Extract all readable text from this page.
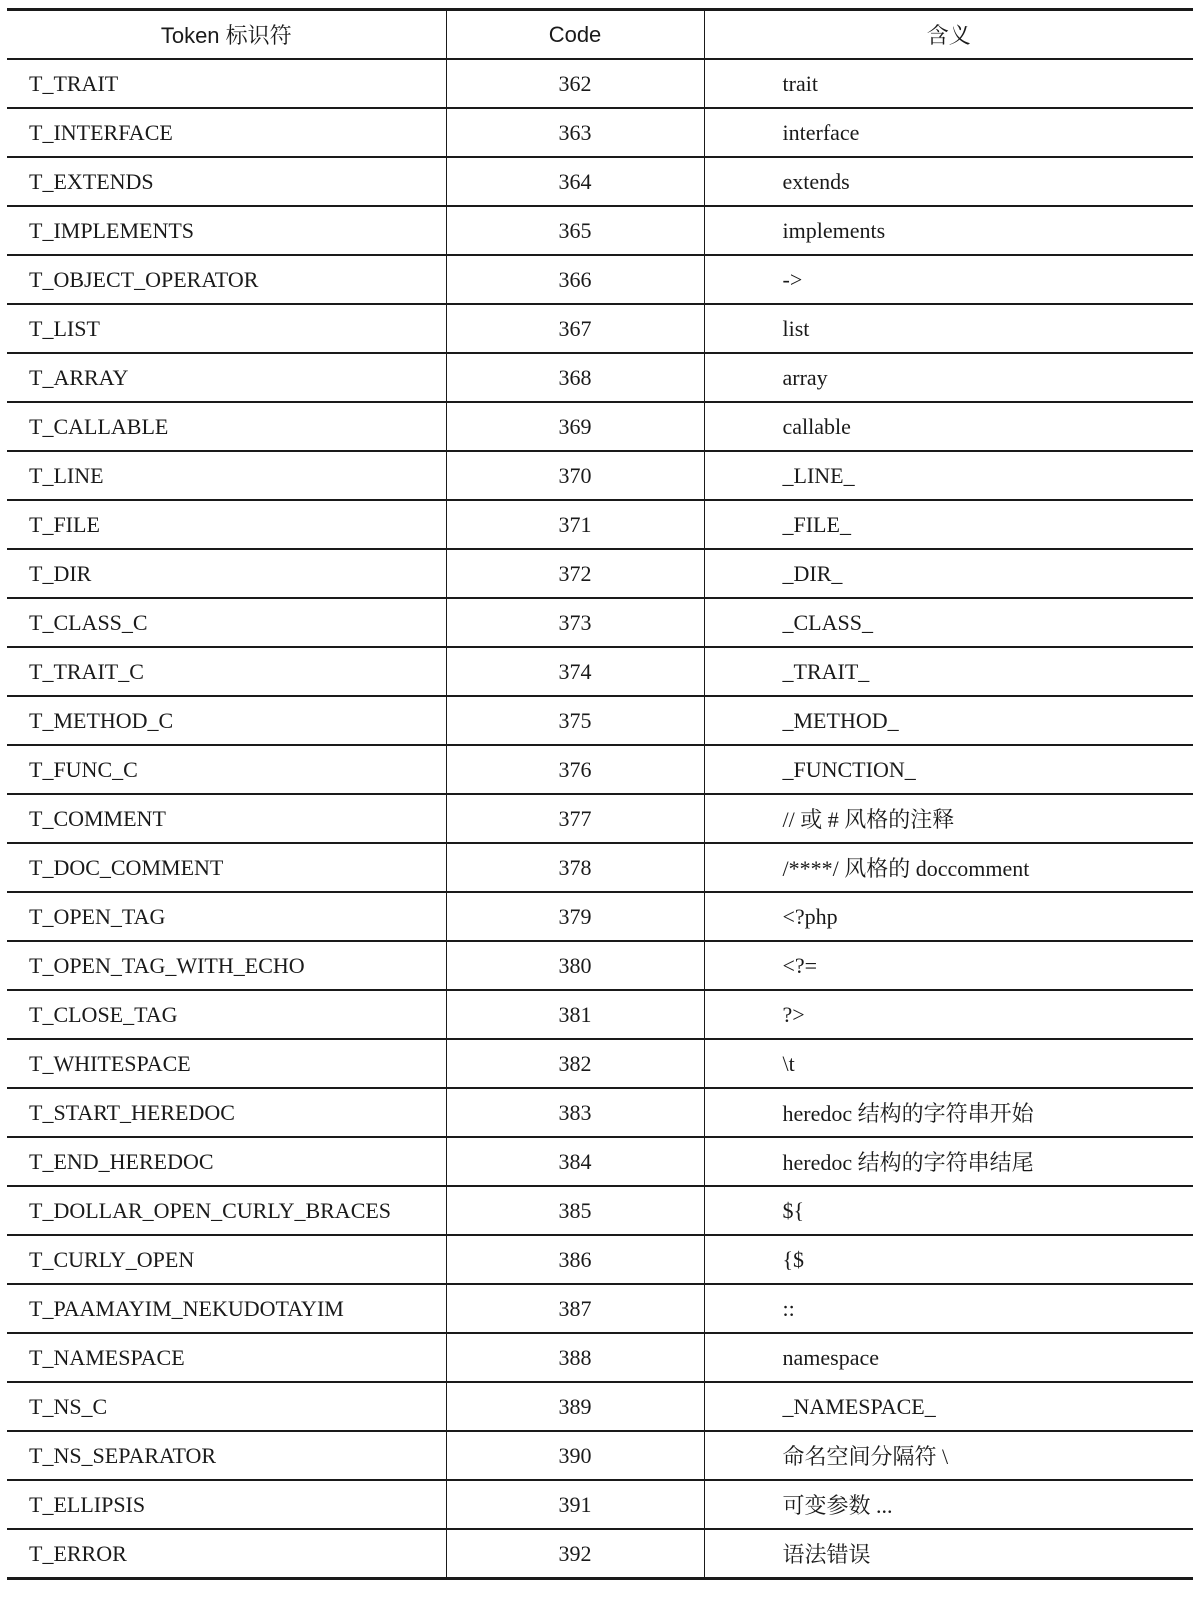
Token 标识符	Code	含义
T_TRAIT	362	trait
T_INTERFACE	363	interface
T_EXTENDS	364	extends
T_IMPLEMENTS	365	implements
T_OBJECT_OPERATOR	366	->
T_LIST	367	list
T_ARRAY	368	array
T_CALLABLE	369	callable
T_LINE	370	_LINE_
T_FILE	371	_FILE_
T_DIR	372	_DIR_
T_CLASS_C	373	_CLASS_
T_TRAIT_C	374	_TRAIT_
T_METHOD_C	375	_METHOD_
T_FUNC_C	376	_FUNCTION_
T_COMMENT	377	// 或 # 风格的注释
T_DOC_COMMENT	378	/****/ 风格的 doccomment
T_OPEN_TAG	379	<?php
T_OPEN_TAG_WITH_ECHO	380	<?=
T_CLOSE_TAG	381	?>
T_WHITESPACE	382	\t
T_START_HEREDOC	383	heredoc 结构的字符串开始
T_END_HEREDOC	384	heredoc 结构的字符串结尾
T_DOLLAR_OPEN_CURLY_BRACES	385	${
T_CURLY_OPEN	386	{$
T_PAAMAYIM_NEKUDOTAYIM	387	::
T_NAMESPACE	388	namespace
T_NS_C	389	_NAMESPACE_
T_NS_SEPARATOR	390	命名空间分隔符 \
T_ELLIPSIS	391	可变参数 ...
T_ERROR	392	语法错误
